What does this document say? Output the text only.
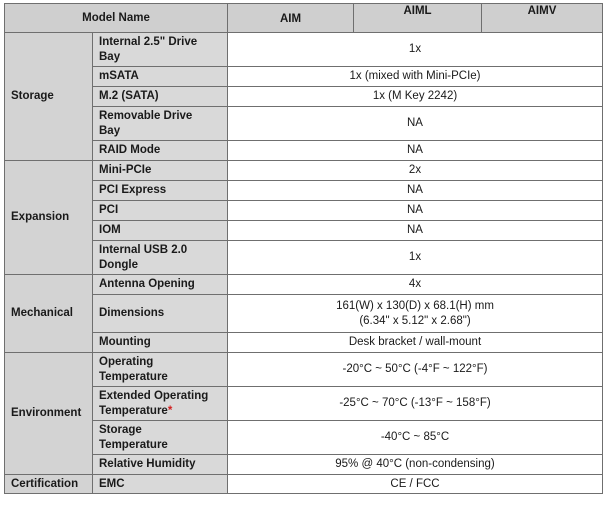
Model Name		AIM	AIML	AIMV
Storage	Internal 2.5" Drive
Bay	1x		

	mSATA	1x (mixed with Mini-PCIe)		

	M.2 (SATA)	1x (M Key 2242)		

	Removable Drive
Bay	NA		

	RAID Mode	NA		

Expansion	Mini-PCIe	2x		

	PCI Express	NA		

	PCI	NA		

	IOM	NA		

	Internal USB 2.0
Dongle	1x		

Mechanical	Antenna Opening	4x		

	Dimensions	161(W) x 130(D) x 68.1(H) mm
(6.34" x 5.12" x 2.68")		

	Mounting	Desk bracket / wall-mount		

Environment	Operating
Temperature	-20°C ~ 50°C (-4°F ~ 122°F)		

	Extended Operating
Temperature*	-25°C ~ 70°C (-13°F ~ 158°F)		

	Storage
Temperature	-40°C ~ 85°C		

	Relative Humidity	95% @ 40°C (non-condensing)		

Certification	EMC	CE / FCC		
